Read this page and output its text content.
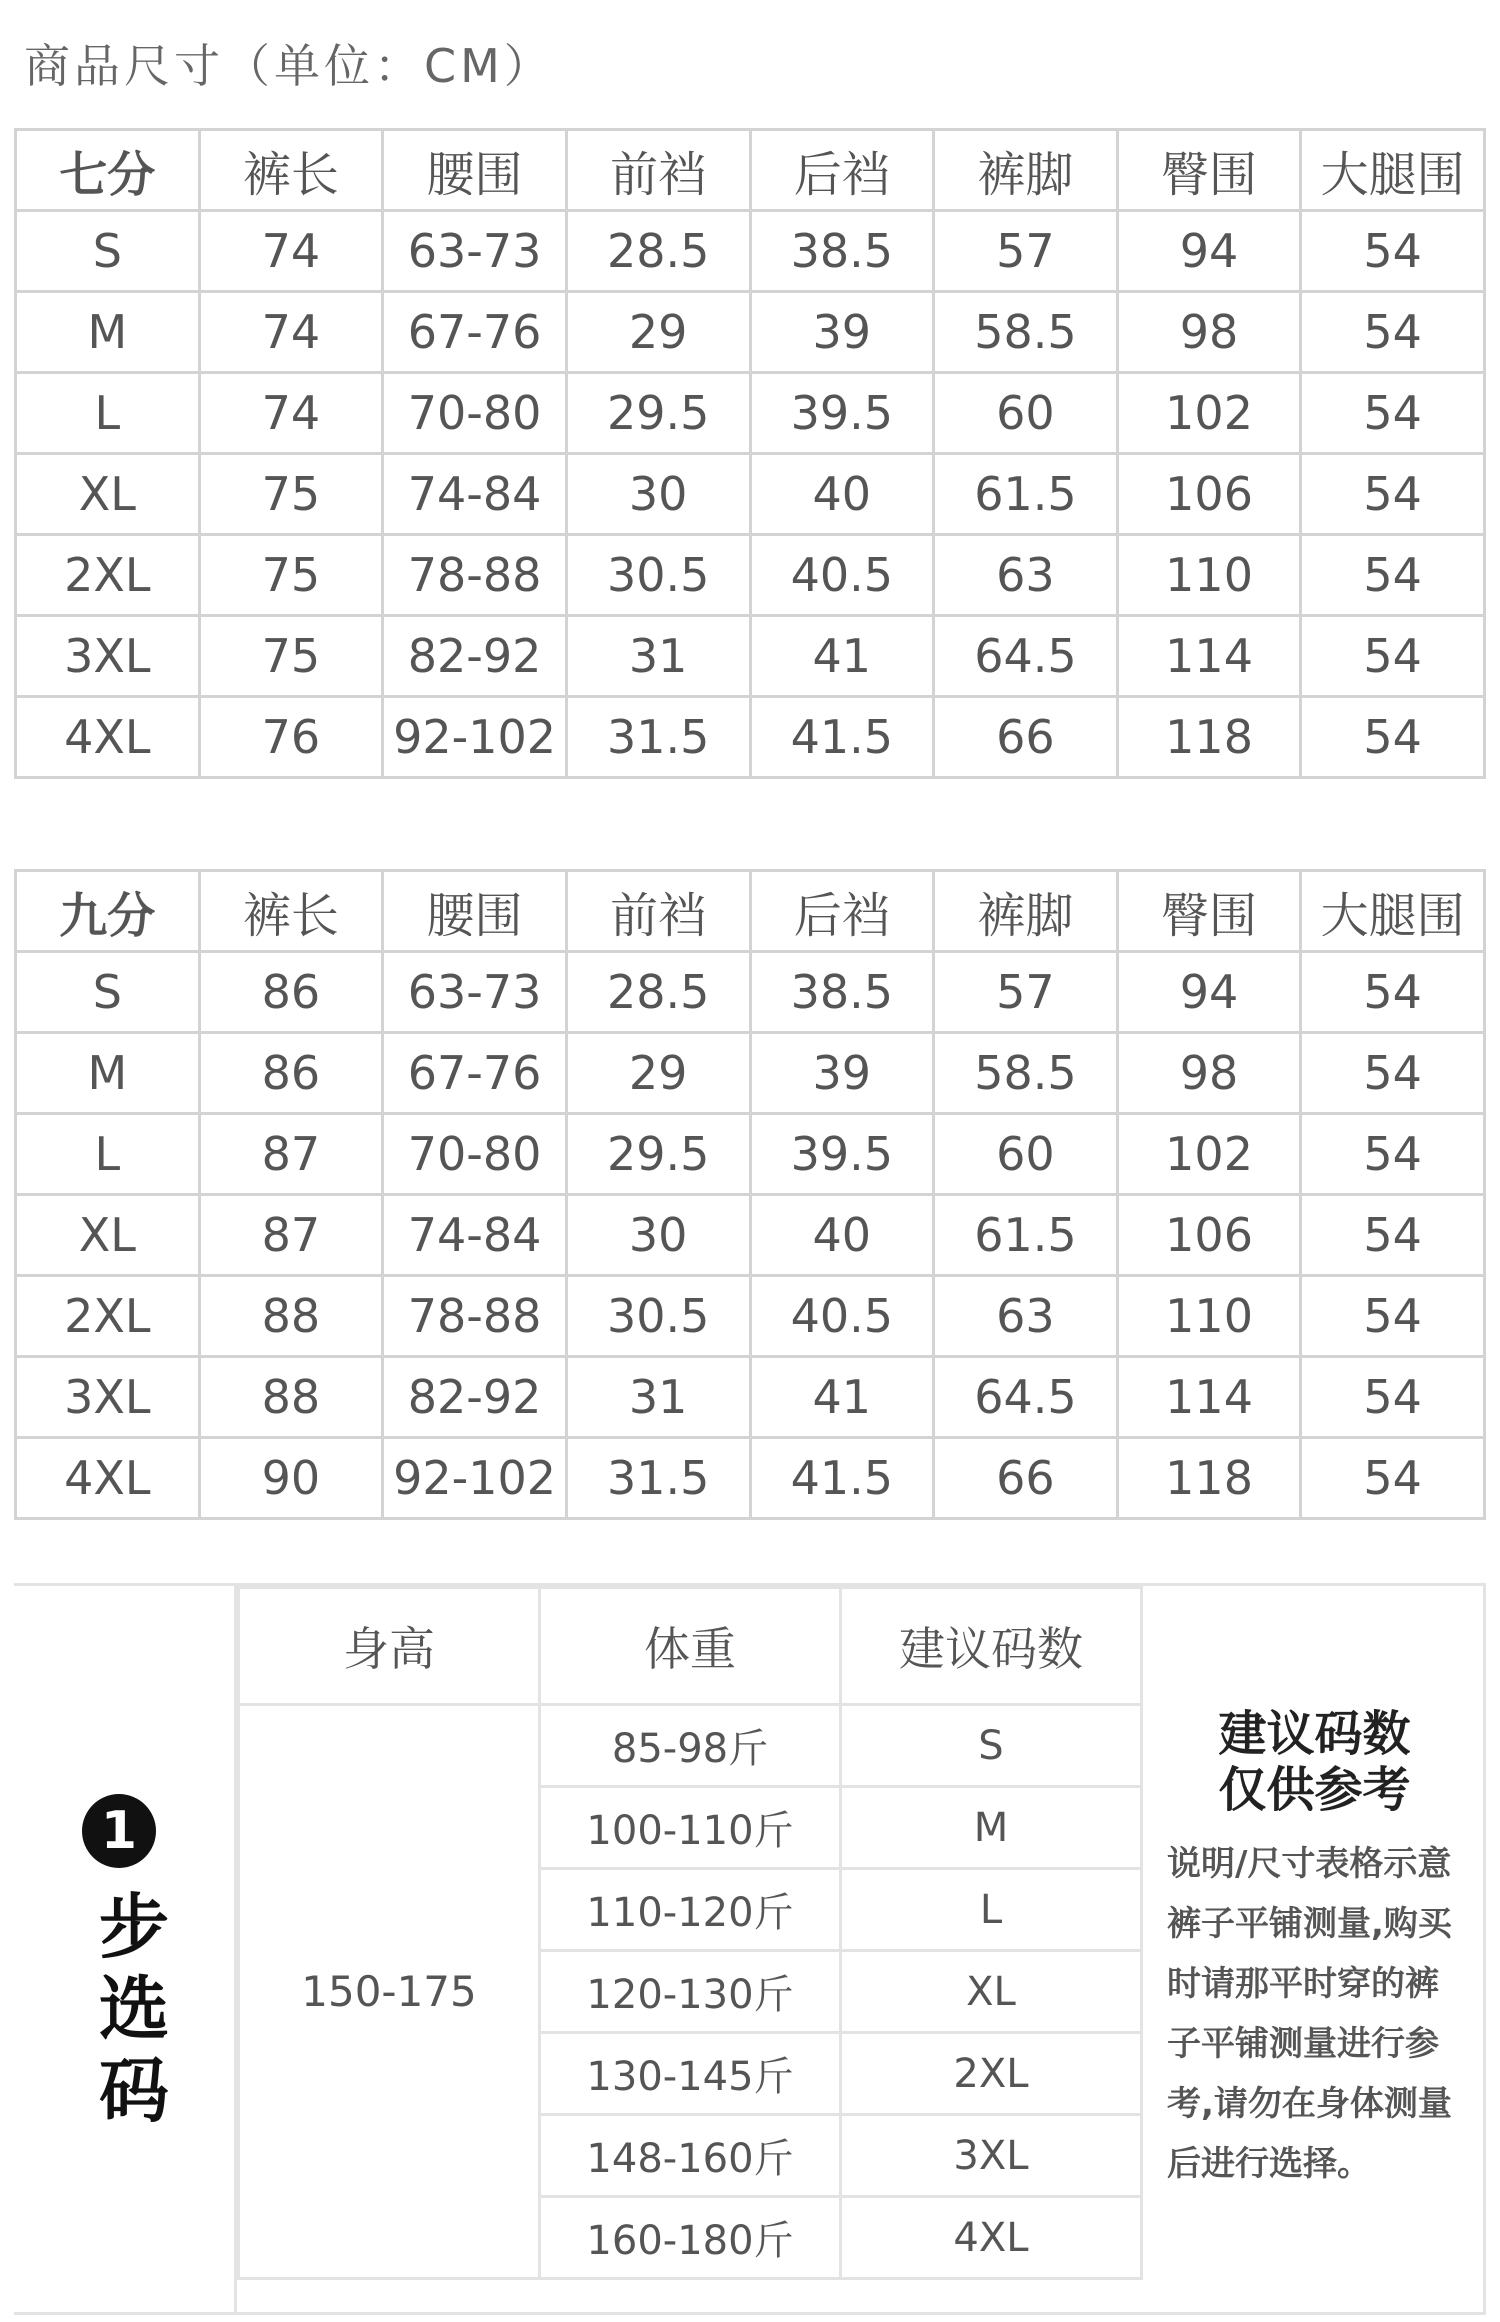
商品尺寸（单位：CM）
七分	裤长	腰围	前裆	后裆	裤脚	臀围	大腿围
S	74	63-73	28.5	38.5	57	94	54
M	74	67-76	29	39	58.5	98	54
L	74	70-80	29.5	39.5	60	102	54
XL	75	74-84	30	40	61.5	106	54
2XL	75	78-88	30.5	40.5	63	110	54
3XL	75	82-92	31	41	64.5	114	54
4XL	76	92-102	31.5	41.5	66	118	54
九分	裤长	腰围	前裆	后裆	裤脚	臀围	大腿围
S	86	63-73	28.5	38.5	57	94	54
M	86	67-76	29	39	58.5	98	54
L	87	70-80	29.5	39.5	60	102	54
XL	87	74-84	30	40	61.5	106	54
2XL	88	78-88	30.5	40.5	63	110	54
3XL	88	82-92	31	41	64.5	114	54
4XL	90	92-102	31.5	41.5	66	118	54
1
步选码
身高	体重	建议码数
150-175	85-98斤	S
	100-110斤	M
	110-120斤	L
	120-130斤	XL
	130-145斤	2XL
	148-160斤	3XL
	160-180斤	4XL
建议码数
仅供参考
说明/尺寸表格示意裤子平铺测量,购买时请那平时穿的裤子平铺测量进行参考,请勿在身体测量后进行选择。
